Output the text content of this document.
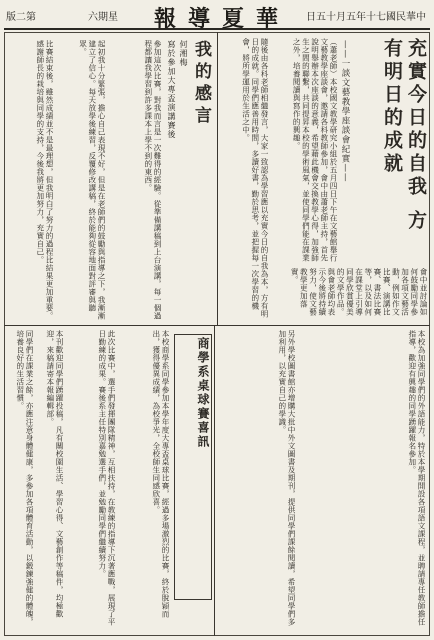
版二第	六期星 報導夏華 日五十月五年十七國民華中
充實今日的自我 方有明日的成就
——一談文藝教學座談會紀實——
（蕭老師）本校國文教學研究小組於五月四日下午在文藝館舉行文藝教學座談會，邀請各科教師參加，會中由蕭老師主持，首先說明舉辦本次座談的意義，希望藉此機會交換教學心得，加強師生之間的聯繫，共同提昇本校的學術風氣，並使同學們能在課業之外，培養閱讀與寫作的興趣。
隨後由各科老師相繼發言，大家一致認為學習應以充實今日的自我為本，方有明日的成就。同學們應善用時間，多讀好書，勤於思考，並把握每一次學習的機會，將所學運用於生活之中。
會中並討論如何鼓勵同學參加各項文藝活動，例如作文比賽、演講比賽、書法比賽等，以及如何在課堂上引導同學欣賞優美的文學作品。與會老師均表示今後將持續努力，使文藝教學更加落實。
我的感言
何湘梅
寫於參加大專盃演講賽後
參加這次比賽，對我而言是一次難得的經驗。從準備講稿到上台演講，每一個過程都讓我學習到許多課本上學不到的東西。
起初我十分緊張，擔心自己表現不好，但是在老師們的鼓勵與指導之下，我漸漸建立了信心。每天放學後練習，反覆修改講稿，終於能夠從容地面對評審與聽眾。
比賽結束後，雖然成績並不是最理想，但我明白了努力的過程比結果更加重要。感謝師長的栽培與同學的支持，今後我將更加努力，充實自己。
本校為加強同學們的外語能力，特於本學期開設各項語文課程，並聘請專任教師擔任指導，歡迎有興趣的同學踴躍報名參加。
另外學校圖書館亦增購大批中外文圖書及期刊，提供同學們課餘閱讀，希望同學們多加利用，以充實自己的學識。
商學系桌球賽喜訊
本校商學系同學參加本學年度大專盃桌球比賽，經過多場激烈的比賽，終於脫穎而出，獲得優異成績，為校爭光，全校師生同感欣喜。
此次比賽中，選手們發揮團隊精神，互相扶持，在教練的指導下沉著應戰，展現了平日勤練的成果。賽後系主任特別嘉勉選手們，並勉勵同學們繼續努力。
本刊歡迎同學們踴躍投稿，凡有關校園生活、學習心得、文藝創作等稿件，均極歡迎，來稿請寄本報編輯部。
同學們在課業之餘，亦應注意身體健康，多參加各項體育活動，以鍛鍊強健的體魄，培養良好的生活習慣。
